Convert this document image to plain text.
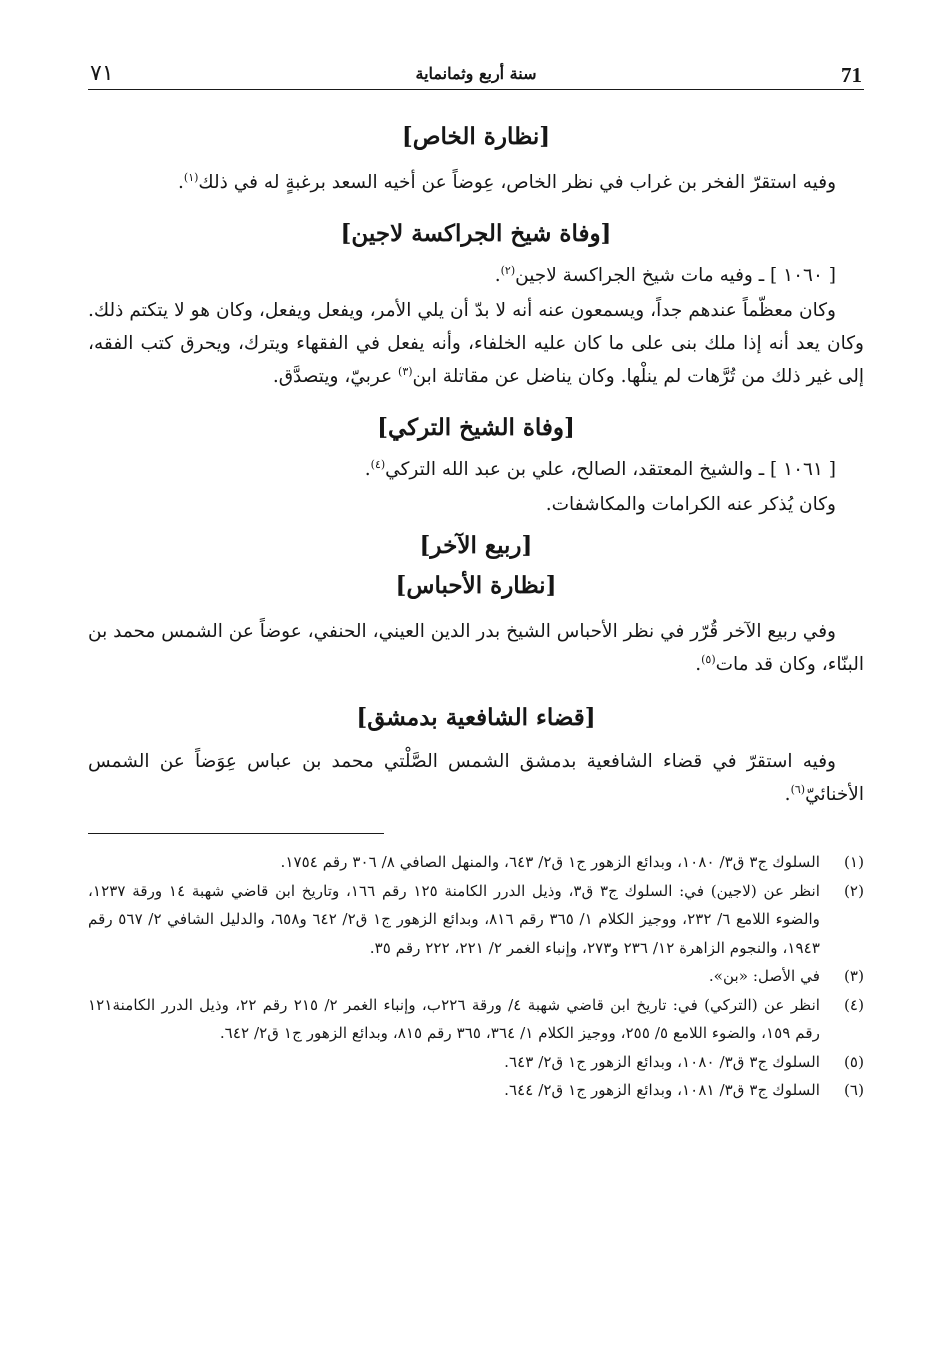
٧١	سنة أربع وثمانماية	71
[نظارة الخاص]

وفيه استقرّ الفخر بن غراب في نظر الخاص، عِوضاً عن أخيه السعد برغبةٍ له في ذلك$^{(١)}$.

[وفاة شيخ الجراكسة لاجين]

[ ١٠٦٠ ] ـ وفيه مات شيخ الجراكسة لاجين$^{(٢)}$.

وكان معظّماً عندهم جداً، ويسمعون عنه أنه لا بدّ أن يلي الأمر، ويفعل ويفعل، وكان هو لا يتكتم ذلك. وكان يعد أنه إذا ملك بنى على ما كان عليه الخلفاء، وأنه يفعل في الفقهاء ويترك، ويحرق كتب الفقه، إلى غير ذلك من تُرَّهات لم ينلْها. وكان يناضل عن مقاتلة ابن$^{(٣)}$ عربيّ، ويتصدَّق.

[وفاة الشيخ التركي]

[ ١٠٦١ ] ـ والشيخ المعتقد، الصالح، علي بن عبد الله التركي$^{(٤)}$.

وكان يُذكر عنه الكرامات والمكاشفات.

[ربيع الآخر]
[نظارة الأحباس]

وفي ربيع الآخر قُرّر في نظر الأحباس الشيخ بدر الدين العيني، الحنفي، عوضاً عن الشمس محمد بن البنّاء، وكان قد مات$^{(٥)}$.

[قضاء الشافعية بدمشق]

وفيه استقرّ في قضاء الشافعية بدمشق الشمس الصَّلْتي محمد بن عباس عِوَضاً عن الشمس الأخنائيّ$^{(٦)}$.

(١)
السلوك ج٣ ق٣/ ١٠٨٠، وبدائع الزهور ج١ ق٢/ ٦٤٣، والمنهل الصافي ٨/ ٣٠٦ رقم ١٧٥٤.
(٢)
انظر عن (لاجين) في: السلوك ج٣ ق٣، وذيل الدرر الكامنة ١٢٥ رقم ١٦٦، وتاريخ ابن قاضي شهبة ١٤ ورقة ١٢٣٧، والضوء اللامع ٦/ ٢٣٢، ووجيز الكلام ١/ ٣٦٥ رقم ٨١٦، وبدائع الزهور ج١ ق٢/ ٦٤٢ و٦٥٨، والدليل الشافي ٢/ ٥٦٧ رقم ١٩٤٣، والنجوم الزاهرة ١٢/ ٢٣٦ و٢٧٣، وإنباء الغمر ٢/ ٢٢١، ٢٢٢ رقم ٣٥.
(٣)
في الأصل: «بن».
(٤)
انظر عن (التركي) في: تاريخ ابن قاضي شهبة ٤/ ورقة ٢٢٦ب، وإنباء الغمر ٢/ ٢١٥ رقم ٢٢، وذيل الدرر الكامنة١٢١ رقم ١٥٩، والضوء اللامع ٥/ ٢٥٥، ووجيز الكلام ١/ ٣٦٤، ٣٦٥ رقم ٨١٥، وبدائع الزهور ج١ ق٢/ ٦٤٢.
(٥)
السلوك ج٣ ق٣/ ١٠٨٠، وبدائع الزهور ج١ ق٢/ ٦٤٣.
(٦)
السلوك ج٣ ق٣/ ١٠٨١، وبدائع الزهور ج١ ق٢/ ٦٤٤.
